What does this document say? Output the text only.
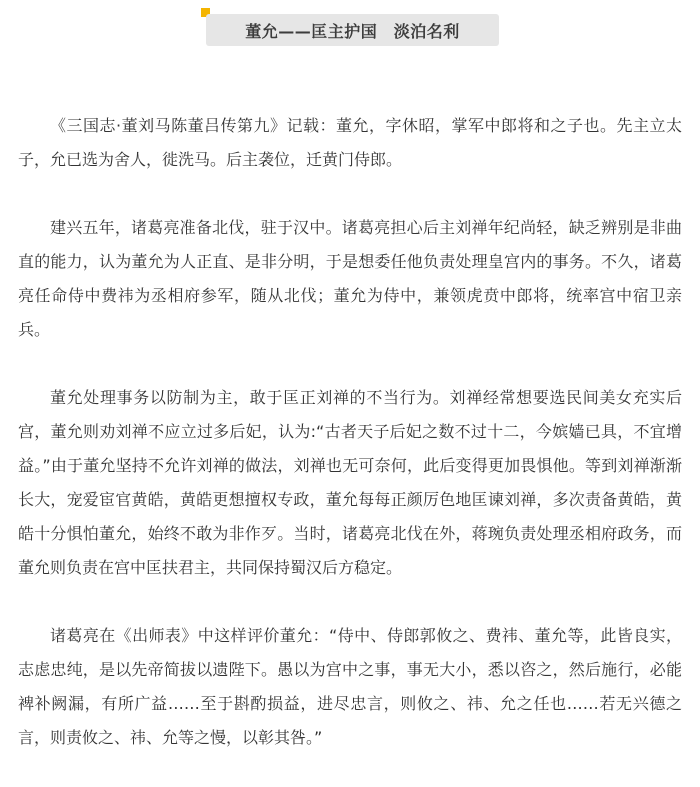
董允——匡主护国　淡泊名利

《三国志·董刘马陈董吕传第九》记载：董允，字休昭，掌军中郎将和之子也。先主立太子，允已选为舍人，徙洗马。后主袭位，迁黄门侍郎。

建兴五年，诸葛亮准备北伐，驻于汉中。诸葛亮担心后主刘禅年纪尚轻，缺乏辨别是非曲直的能力，认为董允为人正直、是非分明，于是想委任他负责处理皇宫内的事务。不久，诸葛亮任命侍中费祎为丞相府参军，随从北伐；董允为侍中，兼领虎贲中郎将，统率宫中宿卫亲兵。

董允处理事务以防制为主，敢于匡正刘禅的不当行为。刘禅经常想要选民间美女充实后宫，董允则劝刘禅不应立过多后妃，认为:“古者天子后妃之数不过十二，今嫔嫱已具，不宜增益。”由于董允坚持不允许刘禅的做法，刘禅也无可奈何，此后变得更加畏惧他。等到刘禅渐渐长大，宠爱宦官黄皓，黄皓更想擅权专政，董允每每正颜厉色地匡谏刘禅，多次责备黄皓，黄皓十分惧怕董允，始终不敢为非作歹。当时，诸葛亮北伐在外，蒋琬负责处理丞相府政务，而董允则负责在宫中匡扶君主，共同保持蜀汉后方稳定。

诸葛亮在《出师表》中这样评价董允：“侍中、侍郎郭攸之、费祎、董允等，此皆良实，志虑忠纯，是以先帝简拔以遗陛下。愚以为宫中之事，事无大小，悉以咨之，然后施行，必能裨补阙漏，有所广益……至于斟酌损益，进尽忠言，则攸之、祎、允之任也……若无兴德之言，则责攸之、祎、允等之慢，以彰其咎。”
